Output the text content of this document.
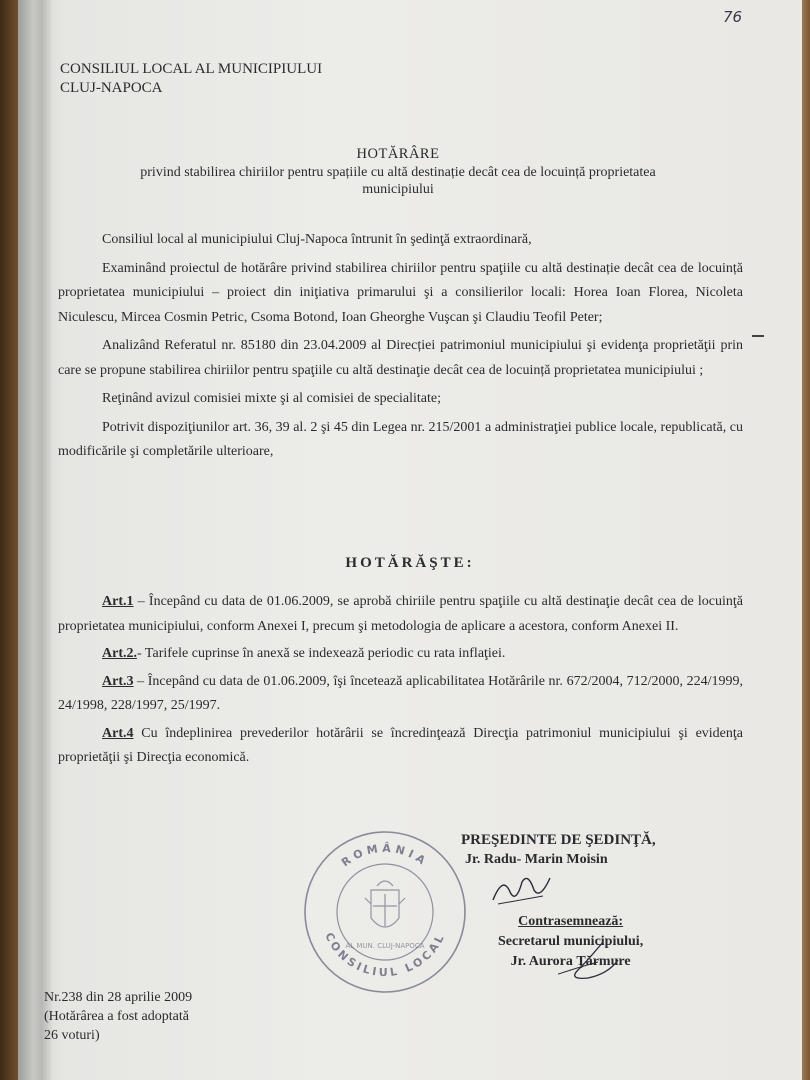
76
CONSILIUL LOCAL AL MUNICIPIULUI
CLUJ-NAPOCA
HOTĂRÂRE
privind stabilirea chiriilor pentru spațiile cu altă destinație decât cea de locuință proprietatea
municipiului

Consiliul local al municipiului Cluj-Napoca întrunit în şedinţă extraordinară,

Examinând proiectul de hotărâre privind stabilirea chiriilor pentru spaţiile cu altă destinație decât cea de locuință proprietatea municipiului – proiect din iniţiativa primarului şi a consilierilor locali: Horea Ioan Florea, Nicoleta Niculescu, Mircea Cosmin Petric, Csoma Botond, Ioan Gheorghe Vuşcan şi Claudiu Teofil Peter;

Analizând Referatul nr. 85180 din 23.04.2009 al Direcției patrimoniul municipiului şi evidenţa proprietăţii prin care se propune stabilirea chiriilor pentru spaţiile cu altă destinaţie decât cea de locuință proprietatea municipiului ;

Reţinând avizul comisiei mixte şi al comisiei de specialitate;

Potrivit dispoziţiunilor art. 36, 39 al. 2 şi 45 din Legea nr. 215/2001 a administraţiei publice locale, republicată, cu modificările şi completările ulterioare,

HOTĂRĂŞTE:

Art.1 – Începând cu data de 01.06.2009, se aprobă chiriile pentru spaţiile cu altă destinaţie decât cea de locuinţă proprietatea municipiului, conform Anexei I, precum şi metodologia de aplicare a acestora, conform Anexei II.

Art.2.- Tarifele cuprinse în anexă se indexează periodic cu rata inflaţiei.

Art.3 – Începând cu data de 01.06.2009, îşi încetează aplicabilitatea Hotărârile nr. 672/2004, 712/2000, 224/1999, 24/1998, 228/1997, 25/1997.

Art.4 Cu îndeplinirea prevederilor hotărârii se încredinţează Direcţia patrimoniul municipiului şi evidenţa proprietăţii şi Direcţia economică.

ROMÂNIA
CONSILIUL LOCAL
AL MUN. CLUJ-NAPOCA
PREŞEDINTE DE ŞEDINŢĂ,
Jr. Radu- Marin Moisin
Contrasemnează:
Secretarul municipiului,
Jr. Aurora Ţărmure
Nr.238 din 28 aprilie 2009
(Hotărârea a fost adoptată
26 voturi)
